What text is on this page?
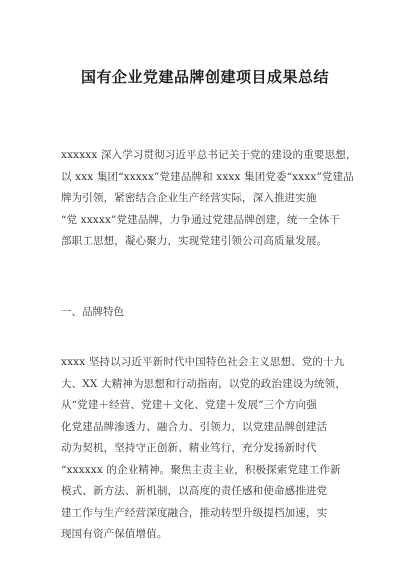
国有企业党建品牌创建项目成果总结

xxxxxx 深入学习贯彻习近平总书记关于党的建设的重要思想，
以 xxx 集团“xxxxx”党建品牌和 xxxx 集团党委“xxxx”党建品
牌为引领，紧密结合企业生产经营实际，深入推进实施
“党 xxxxx”党建品牌，力争通过党建品牌创建，统一全体干
部职工思想，凝心聚力，实现党建引领公司高质量发展。

一、品牌特色

xxxx 坚持以习近平新时代中国特色社会主义思想、党的十九
大、XX 大精神为思想和行动指南，以党的政治建设为统领，
从“党建＋经营、党建＋文化、党建＋发展”三个方向强
化党建品牌渗透力、融合力、引领力，以党建品牌创建活
动为契机，坚持守正创新、精业笃行，充分发扬新时代
“xxxxxx 的企业精神。聚焦主责主业，积极探索党建工作新
模式、新方法、新机制，以高度的责任感和使命感推进党
建工作与生产经营深度融合，推动转型升级提档加速，实
现国有资产保值增值。
